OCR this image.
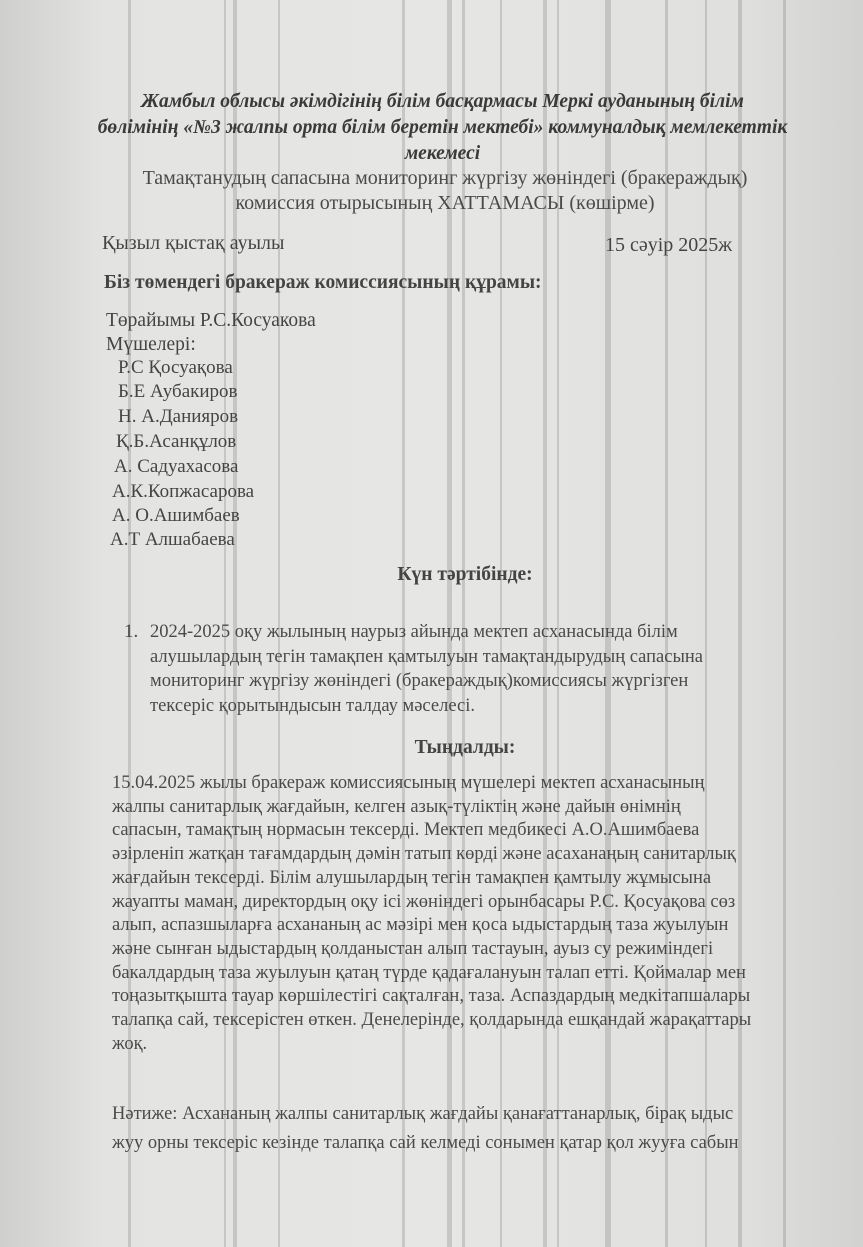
Жамбыл облысы әкімдігінің білім басқармасы Меркі ауданының білім
бөлімінің «№3 жалпы орта білім беретін мектебі» коммуналдық мемлекеттік
мекемесі
Тамақтанудың сапасына мониторинг жүргізу жөніндегі (бракераждық)
комиссия отырысының ХАТТАМАСЫ (көшірме)
Қызыл қыстақ ауылы	15 сәуір 2025ж
Біз төмендегі бракераж комиссиясының құрамы:
Төрайымы Р.С.Косуакова
Мүшелері:
Р.С Қосуақова
Б.Е Аубакиров
Н. А.Данияров
Қ.Б.Асанқұлов
А. Садуахасова
А.К.Копжасарова
А. О.Ашимбаев
А.Т Алшабаева
Күн тәртібінде:
1. 2024-2025 оқу жылының наурыз айында мектеп асханасында білім
алушылардың тегін тамақпен қамтылуын тамақтандырудың сапасына
мониторинг жүргізу жөніндегі (бракераждық)комиссиясы жүргізген
тексеріс қорытындысын талдау мәселесі.
Тыңдалды:
15.04.2025 жылы бракераж комиссиясының мүшелері мектеп асханасының
жалпы санитарлық жағдайын, келген азық-түліктің және дайын өнімнің
сапасын, тамақтың нормасын тексерді. Мектеп медбикесі А.О.Ашимбаева
әзірленіп жатқан тағамдардың дәмін татып көрді және асаханаңың санитарлық
жағдайын тексерді. Білім алушылардың тегін тамақпен қамтылу жұмысына
жауапты маман, директордың оқу ісі жөніндегі орынбасары Р.С. Қосуақова сөз
алып, аспазшыларға асхананың ас мәзірі мен қоса ыдыстардың таза жуылуын
және сынған ыдыстардың қолданыстан алып тастауын, ауыз су режиміндегі
бакалдардың таза жуылуын қатаң түрде қадағалануын талап етті. Қоймалар мен
тоңазытқышта тауар көршілестігі сақталған, таза. Аспаздардың медкітапшалары
талапқа сай, тексерістен өткен. Денелерінде, қолдарында ешқандай жарақаттары
жоқ.
Нәтиже: Асхананың жалпы санитарлық жағдайы қанағаттанарлық, бірақ ыдыс
жуу орны тексеріс кезінде талапқа сай келмеді сонымен қатар қол жууға сабын
